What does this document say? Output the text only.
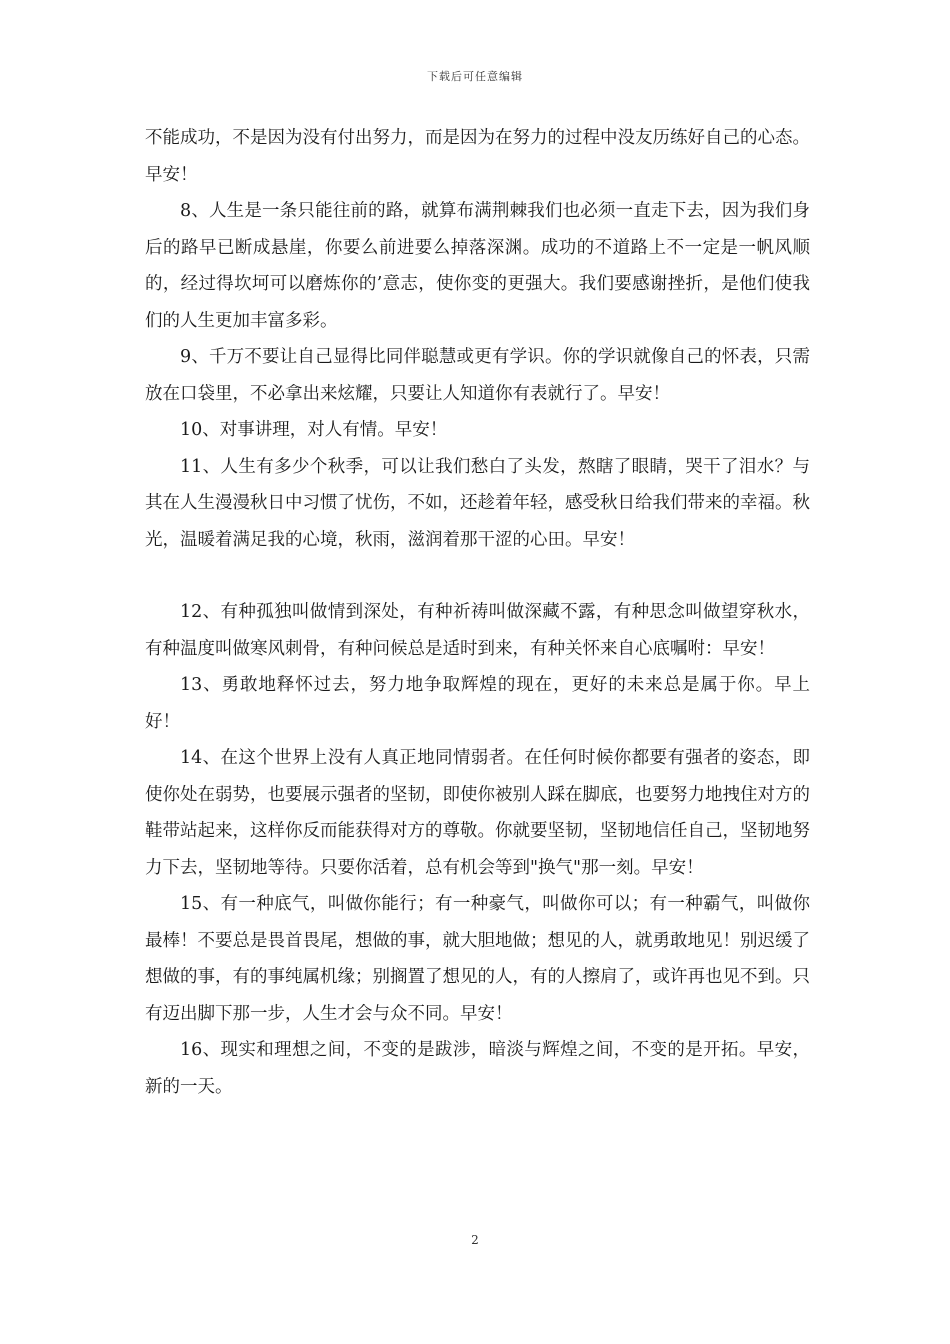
下载后可任意编辑

不能成功，不是因为没有付出努力，而是因为在努力的过程中没友历练好自己的心态。早安！

8、人生是一条只能往前的路，就算布满荆棘我们也必须一直走下去，因为我们身后的路早已断成悬崖，你要么前进要么掉落深渊。成功的不道路上不一定是一帆风顺的，经过得坎坷可以磨炼你的’意志，使你变的更强大。我们要感谢挫折，是他们使我们的人生更加丰富多彩。

9、千万不要让自己显得比同伴聪慧或更有学识。你的学识就像自己的怀表，只需放在口袋里，不必拿出来炫耀，只要让人知道你有表就行了。早安！

10、对事讲理，对人有情。早安！

11、人生有多少个秋季，可以让我们愁白了头发，熬瞎了眼睛，哭干了泪水？与其在人生漫漫秋日中习惯了忧伤，不如，还趁着年轻，感受秋日给我们带来的幸福。秋光，温暖着满足我的心境，秋雨，滋润着那干涩的心田。早安！

12、有种孤独叫做情到深处，有种祈祷叫做深藏不露，有种思念叫做望穿秋水，有种温度叫做寒风刺骨，有种问候总是适时到来，有种关怀来自心底嘱咐：早安！

13、勇敢地释怀过去，努力地争取辉煌的现在，更好的未来总是属于你。早上好！

14、在这个世界上没有人真正地同情弱者。在任何时候你都要有强者的姿态，即使你处在弱势，也要展示强者的坚韧，即使你被别人踩在脚底，也要努力地拽住对方的鞋带站起来，这样你反而能获得对方的尊敬。你就要坚韧，坚韧地信任自己，坚韧地努力下去，坚韧地等待。只要你活着，总有机会等到"换气"那一刻。早安！

15、有一种底气，叫做你能行；有一种豪气，叫做你可以；有一种霸气，叫做你最棒！不要总是畏首畏尾，想做的事，就大胆地做；想见的人，就勇敢地见！别迟缓了想做的事，有的事纯属机缘；别搁置了想见的人，有的人擦肩了，或许再也见不到。只有迈出脚下那一步，人生才会与众不同。早安！

16、现实和理想之间，不变的是跋涉，暗淡与辉煌之间，不变的是开拓。早安，新的一天。

2
